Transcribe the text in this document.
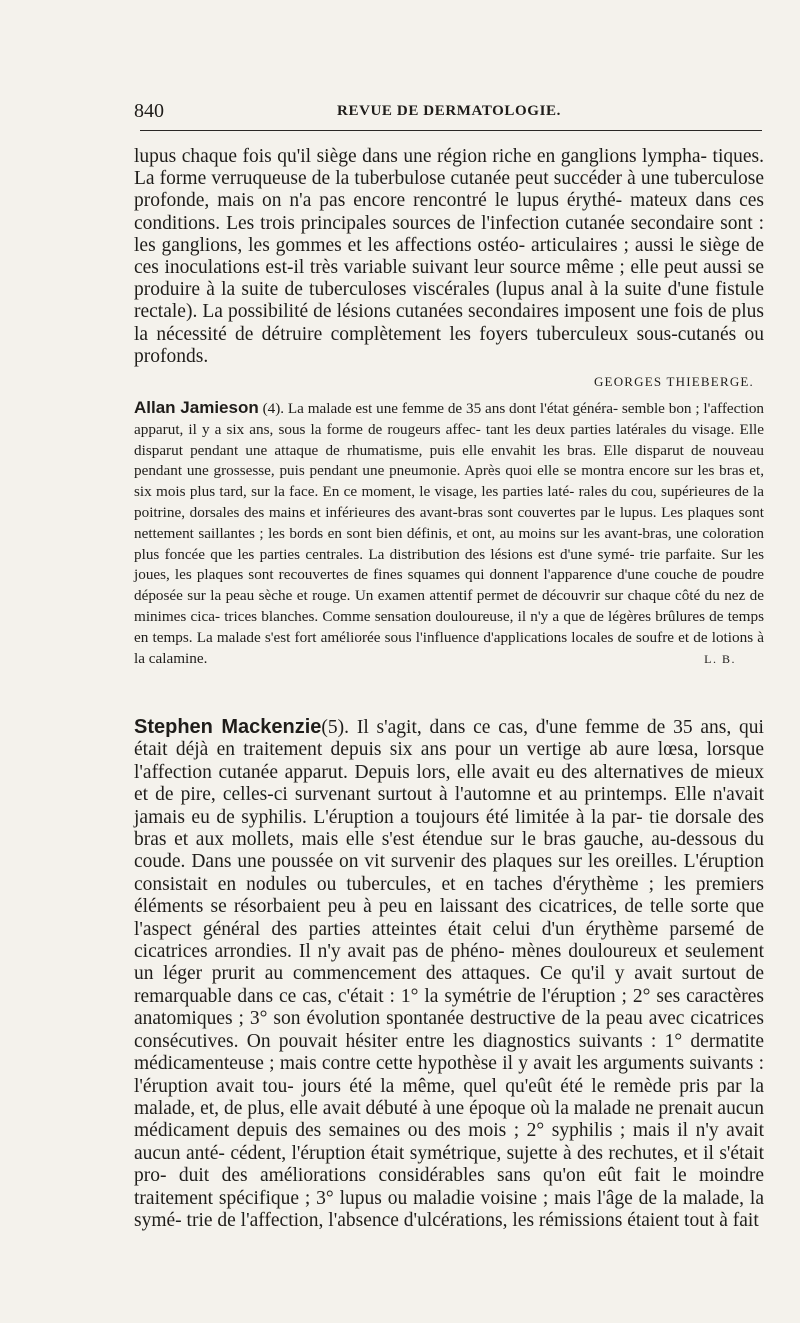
840	REVUE DE DERMATOLOGIE.

lupus chaque fois qu'il siège dans une région riche en ganglions lympha- tiques. La forme verruqueuse de la tuberbulose cutanée peut succéder à une tuberculose profonde, mais on n'a pas encore rencontré le lupus érythé- mateux dans ces conditions. Les trois principales sources de l'infection cutanée secondaire sont : les ganglions, les gommes et les affections ostéo- articulaires ; aussi le siège de ces inoculations est-il très variable suivant leur source même ; elle peut aussi se produire à la suite de tuberculoses viscérales (lupus anal à la suite d'une fistule rectale). La possibilité de lésions cutanées secondaires imposent une fois de plus la nécessité de détruire complètement les foyers tuberculeux sous-cutanés ou profonds.

GEORGES THIEBERGE.

Allan Jamieson (4). La malade est une femme de 35 ans dont l'état généra- semble bon ; l'affection apparut, il y a six ans, sous la forme de rougeurs affec- tant les deux parties latérales du visage. Elle disparut pendant une attaque de rhumatisme, puis elle envahit les bras. Elle disparut de nouveau pendant une grossesse, puis pendant une pneumonie. Après quoi elle se montra encore sur les bras et, six mois plus tard, sur la face. En ce moment, le visage, les parties laté- rales du cou, supérieures de la poitrine, dorsales des mains et inférieures des avant-bras sont couvertes par le lupus. Les plaques sont nettement saillantes ; les bords en sont bien définis, et ont, au moins sur les avant-bras, une coloration plus foncée que les parties centrales. La distribution des lésions est d'une symé- trie parfaite. Sur les joues, les plaques sont recouvertes de fines squames qui donnent l'apparence d'une couche de poudre déposée sur la peau sèche et rouge. Un examen attentif permet de découvrir sur chaque côté du nez de minimes cica- trices blanches. Comme sensation douloureuse, il n'y a que de légères brûlures de temps en temps. La malade s'est fort améliorée sous l'influence d'applications locales de soufre et de lotions à la calamine.	L. B.

Stephen Mackenzie(5). Il s'agit, dans ce cas, d'une femme de 35 ans, qui était déjà en traitement depuis six ans pour un vertige ab aure lœsa, lorsque l'affection cutanée apparut. Depuis lors, elle avait eu des alternatives de mieux et de pire, celles-ci survenant surtout à l'automne et au printemps. Elle n'avait jamais eu de syphilis. L'éruption a toujours été limitée à la par- tie dorsale des bras et aux mollets, mais elle s'est étendue sur le bras gauche, au-dessous du coude. Dans une poussée on vit survenir des plaques sur les oreilles. L'éruption consistait en nodules ou tubercules, et en taches d'érythème ; les premiers éléments se résorbaient peu à peu en laissant des cicatrices, de telle sorte que l'aspect général des parties atteintes était celui d'un érythème parsemé de cicatrices arrondies. Il n'y avait pas de phéno- mènes douloureux et seulement un léger prurit au commencement des attaques. Ce qu'il y avait surtout de remarquable dans ce cas, c'était : 1° la symétrie de l'éruption ; 2° ses caractères anatomiques ; 3° son évolution spontanée destructive de la peau avec cicatrices consécutives. On pouvait hésiter entre les diagnostics suivants : 1° dermatite médicamenteuse ; mais contre cette hypothèse il y avait les arguments suivants : l'éruption avait tou- jours été la même, quel qu'eût été le remède pris par la malade, et, de plus, elle avait débuté à une époque où la malade ne prenait aucun médicament depuis des semaines ou des mois ; 2° syphilis ; mais il n'y avait aucun anté- cédent, l'éruption était symétrique, sujette à des rechutes, et il s'était pro- duit des améliorations considérables sans qu'on eût fait le moindre traitement spécifique ; 3° lupus ou maladie voisine ; mais l'âge de la malade, la symé- trie de l'affection, l'absence d'ulcérations, les rémissions étaient tout à fait
